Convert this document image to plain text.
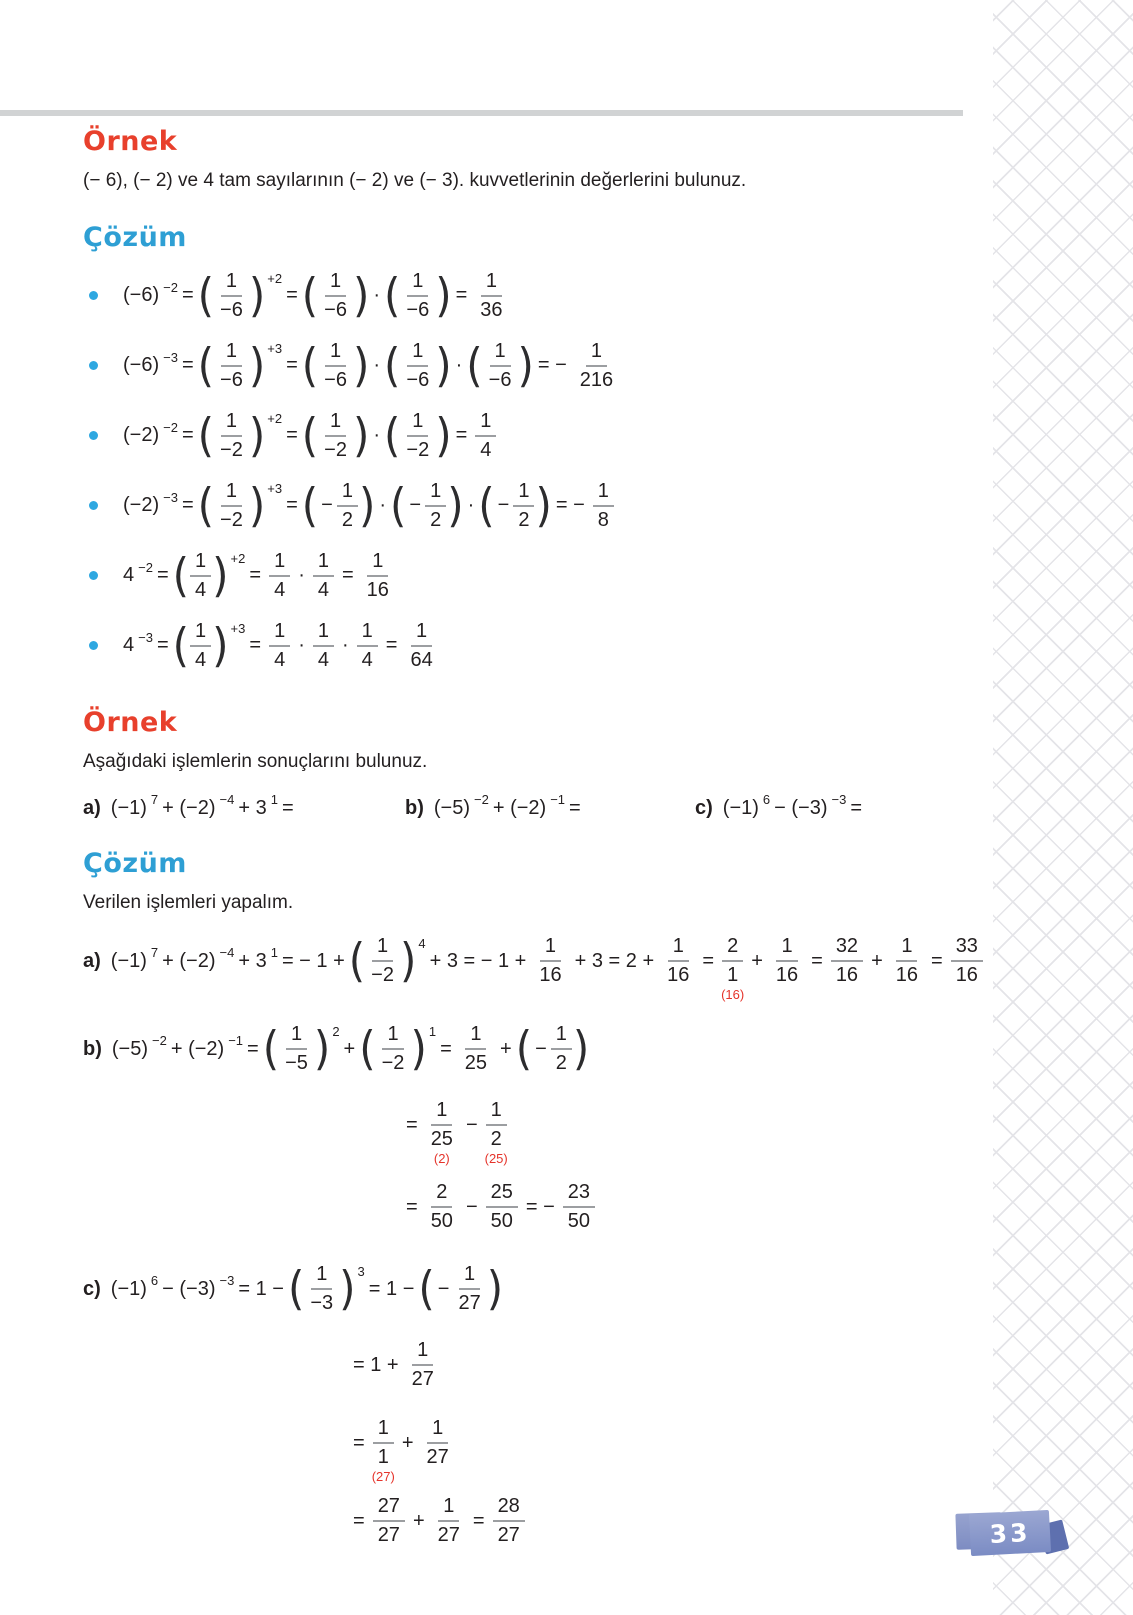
Örnek

(− 6), (− 2) ve 4 tam sayılarının (− 2) ve (− 3). kuvvetlerinin değerlerini bulunuz.

Çözüm
(−6) −2 = ( $\frac{1}{-6}$ ) +2
= ( $\frac{1}{-6}$ ) · ( $\frac{1}{-6}$ ) = $\frac{1}{36}$
(−6) −3 = ( $\frac{1}{-6}$ ) +3
= ( $\frac{1}{-6}$ ) · ( $\frac{1}{-6}$ ) · ( $\frac{1}{-6}$ ) = − $\frac{1}{216}$
(−2) −2 = ( $\frac{1}{-2}$ ) +2
= ( $\frac{1}{-2}$ ) · ( $\frac{1}{-2}$ ) = $\frac{1}{4}$
(−2) −3 = ( $\frac{1}{-2}$ ) +3
= ( − $\frac{1}{2}$ ) · ( − $\frac{1}{2}$ ) · ( − $\frac{1}{2}$ ) = − $\frac{1}{8}$
4 −2 = ( $\frac{1}{4}$ ) +2
= $\frac{1}{4} \cdot \frac{1}{4} = \frac{1}{16}$
4 −3 = ( $\frac{1}{4}$ ) +3
= $\frac{1}{4} \cdot \frac{1}{4} \cdot \frac{1}{4} = \frac{1}{64}$
Örnek

Aşağıdaki işlemlerin sonuçlarını bulunuz.

a) (−1) 7 + (−2) −4 + 3 1 =	b) (−5) −2 + (−2) −1 =	c) (−1) 6 − (−3) −3 =
Çözüm

Verilen işlemleri yapalım.

a) (−1) 7 + (−2) −4 + 3 1 = − 1 + ( $\frac{1}{-2}$ ) 4
+ 3 = − $1 + \frac{1}{16} + 3 = 2 + \frac{1}{16}$ =
2
1
(16)
+ $\frac{1}{16} = \frac{32}{16} + \frac{1}{16} = \frac{33}{16}$
b) (−5) −2 + (−2) −1 = ( $\frac{1}{-5}$ ) 2
+ ( $\frac{1}{-2}$ ) 1
= $\frac{1}{25}$ + ( − $\frac{1}{2}$ )
=
1
25
(2)
−
1
2
(25)
= $\frac{2}{50} - \frac{25}{50}$ = − $\frac{23}{50}$
c) (−1) 6 − (−3) −3 = 1 − ( $\frac{1}{-3}$ ) 3
= 1 − ( − $\frac{1}{27}$ )
= $1 + \frac{1}{27}$
=
1
1
(27)
+ $\frac{1}{27}$
= $\frac{27}{27} + \frac{1}{27} = \frac{28}{27}$	33
